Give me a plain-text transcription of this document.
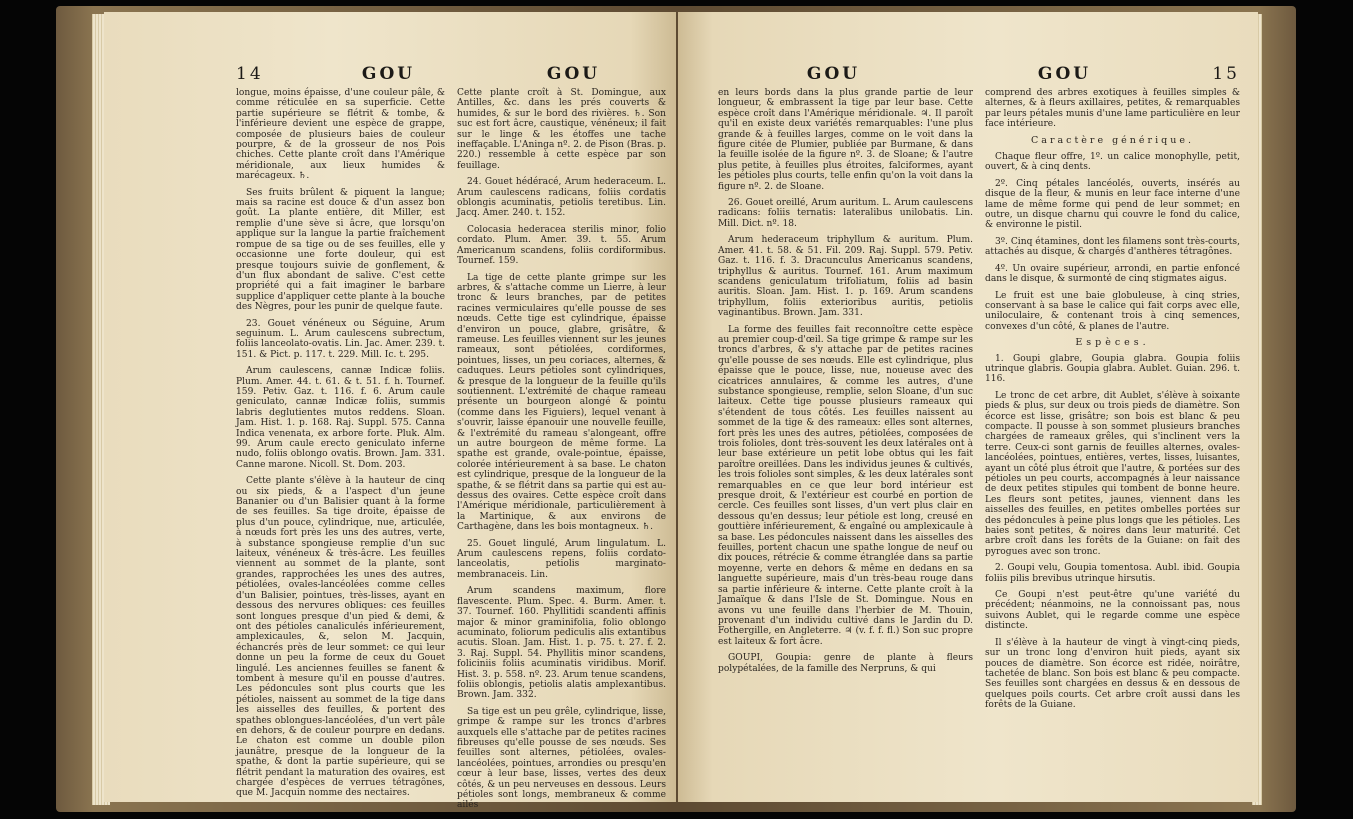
14	GOU	GOU

longue, moins épaisse, d'une couleur pâle, & comme réticulée en sa superficie. Cette partie supérieure se flétrit & tombe, & l'inférieure devient une espèce de grappe, composée de plusieurs baies de couleur pourpre, & de la grosseur de nos Pois chiches. Cette plante croît dans l'Amérique méridionale, aux lieux humides & marécageux. ♄.

Ses fruits brûlent & piquent la langue; mais sa racine est douce & d'un assez bon goût. La plante entière, dit Miller, est remplie d'une sève si âcre, que lorsqu'on applique sur la langue la partie fraîchement rompue de sa tige ou de ses feuilles, elle y occasionne une forte douleur, qui est presque toujours suivie de gonflement, & d'un flux abondant de salive. C'est cette propriété qui a fait imaginer le barbare supplice d'appliquer cette plante à la bouche des Nègres, pour les punir de quelque faute.

23. Gouet vénéneux ou Séguine, Arum seguinum. L. Arum caulescens subrectum, foliis lanceolato-ovatis. Lin. Jac. Amer. 239. t. 151. & Pict. p. 117. t. 229. Mill. Ic. t. 295.

Arum caulescens, cannæ Indicæ foliis. Plum. Amer. 44. t. 61. & t. 51. f. h. Tournef. 159. Petiv. Gaz. t. 116. f. 6. Arum caule geniculato, cannæ Indicæ foliis, summis labris deglutientes mutos reddens. Sloan. Jam. Hist. 1. p. 168. Raj. Suppl. 575. Canna Indica venenata, ex arbore forte. Pluk. Alm. 99. Arum caule erecto geniculato inferne nudo, foliis oblongo ovatis. Brown. Jam. 331. Canne marone. Nicoll. St. Dom. 203.

Cette plante s'élève à la hauteur de cinq ou six pieds, & a l'aspect d'un jeune Bananier ou d'un Balisier quant à la forme de ses feuilles. Sa tige droite, épaisse de plus d'un pouce, cylindrique, nue, articulée, à nœuds fort près les uns des autres, verte, à substance spongieuse remplie d'un suc laiteux, vénéneux & très-âcre. Les feuilles viennent au sommet de la plante, sont grandes, rapprochées les unes des autres, pétiolées, ovales-lancéolées comme celles d'un Balisier, pointues, très-lisses, ayant en dessous des nervures obliques: ces feuilles sont longues presque d'un pied & demi, & ont des pétioles canaliculés inférieurement, amplexicaules, &, selon M. Jacquin, échancrés près de leur sommet: ce qui leur donne un peu la forme de ceux du Gouet lingulé. Les anciennes feuilles se fanent & tombent à mesure qu'il en pousse d'autres. Les pédoncules sont plus courts que les pétioles, naissent au sommet de la tige dans les aisselles des feuilles, & portent des spathes oblongues-lancéolées, d'un vert pâle en dehors, & de couleur pourpre en dedans. Le chaton est comme un double pilon jaunâtre, presque de la longueur de la spathe, & dont la partie supérieure, qui se flétrit pendant la maturation des ovaires, est chargée d'espèces de verrues tétragônes, que M. Jacquin nomme des nectaires.

Cette plante croît à St. Domingue, aux Antilles, &c. dans les prés couverts & humides, & sur le bord des rivières. ♄. Son suc est fort âcre, caustique, vénéneux; il fait sur le linge & les étoffes une tache ineffaçable. L'Aninga nº. 2. de Pison (Bras. p. 220.) ressemble à cette espèce par son feuillage.

24. Gouet hédéracé, Arum hederaceum. L. Arum caulescens radicans, foliis cordatis oblongis acuminatis, petiolis teretibus. Lin. Jacq. Amer. 240. t. 152.

Colocasia hederacea sterilis minor, folio cordato. Plum. Amer. 39. t. 55. Arum Americanum scandens, foliis cordiformibus. Tournef. 159.

La tige de cette plante grimpe sur les arbres, & s'attache comme un Lierre, à leur tronc & leurs branches, par de petites racines vermiculaires qu'elle pousse de ses nœuds. Cette tige est cylindrique, épaisse d'environ un pouce, glabre, grisâtre, & rameuse. Les feuilles viennent sur les jeunes rameaux, sont pétiolées, cordiformes, pointues, lisses, un peu coriaces, alternes, & caduques. Leurs pétioles sont cylindriques, & presque de la longueur de la feuille qu'ils soutiennent. L'extrémité de chaque rameau présente un bourgeon alongé & pointu (comme dans les Figuiers), lequel venant à s'ouvrir, laisse épanouir une nouvelle feuille, & l'extrémité du rameau s'alongeant, offre un autre bourgeon de même forme. La spathe est grande, ovale-pointue, épaisse, colorée intérieurement à sa base. Le chaton est cylindrique, presque de la longueur de la spathe, & se flétrit dans sa partie qui est au-dessus des ovaires. Cette espèce croît dans l'Amérique méridionale, particulièrement à la Martinique, & aux environs de Carthagène, dans les bois montagneux. ♄.

25. Gouet lingulé, Arum lingulatum. L. Arum caulescens repens, foliis cordato-lanceolatis, petiolis marginato-membranaceis. Lin.

Arum scandens maximum, flore flavescente. Plum. Spec. 4. Burm. Amer. t. 37. Tournef. 160. Phyllitidi scandenti affinis major & minor graminifolia, folio oblongo acuminato, foliorum pediculis alis extantibus acutis. Sloan. Jam. Hist. 1. p. 75. t. 27. f. 2. 3. Raj. Suppl. 54. Phyllitis minor scandens, foliciniis foliis acuminatis viridibus. Morif. Hist. 3. p. 558. nº. 23. Arum tenue scandens, foliis oblongis, petiolis alatis amplexantibus. Brown. Jam. 332.

Sa tige est un peu grêle, cylindrique, lisse, grimpe & rampe sur les troncs d'arbres auxquels elle s'attache par de petites racines fibreuses qu'elle pousse de ses nœuds. Ses feuilles sont alternes, pétiolées, ovales-lancéolées, pointues, arrondies ou presqu'en cœur à leur base, lisses, vertes des deux côtés, & un peu nerveuses en dessous. Leurs pétioles sont longs, membraneux & comme ailés

GOU	GOU	15

en leurs bords dans la plus grande partie de leur longueur, & embrassent la tige par leur base. Cette espèce croît dans l'Amérique méridionale. ♃. Il paroît qu'il en existe deux variétés remarquables: l'une plus grande & à feuilles larges, comme on le voit dans la figure citée de Plumier, publiée par Burmane, & dans la feuille isolée de la figure nº. 3. de Sloane; & l'autre plus petite, à feuilles plus étroites, falciformes, ayant les pétioles plus courts, telle enfin qu'on la voit dans la figure nº. 2. de Sloane.

26. Gouet oreillé, Arum auritum. L. Arum caulescens radicans: foliis ternatis: lateralibus unilobatis. Lin. Mill. Dict. nº. 18.

Arum hederaceum triphyllum & auritum. Plum. Amer. 41. t. 58. & 51. Fil. 209. Raj. Suppl. 579. Petiv. Gaz. t. 116. f. 3. Dracunculus Americanus scandens, triphyllus & auritus. Tournef. 161. Arum maximum scandens geniculatum trifoliatum, foliis ad basin auritis. Sloan. Jam. Hist. 1. p. 169. Arum scandens triphyllum, foliis exterioribus auritis, petiolis vaginantibus. Brown. Jam. 331.

La forme des feuilles fait reconnoître cette espèce au premier coup-d'œil. Sa tige grimpe & rampe sur les troncs d'arbres, & s'y attache par de petites racines qu'elle pousse de ses nœuds. Elle est cylindrique, plus épaisse que le pouce, lisse, nue, noueuse avec des cicatrices annulaires, & comme les autres, d'une substance spongieuse, remplie, selon Sloane, d'un suc laiteux. Cette tige pousse plusieurs rameaux qui s'étendent de tous côtés. Les feuilles naissent au sommet de la tige & des rameaux: elles sont alternes, fort près les unes des autres, pétiolées, composées de trois folioles, dont très-souvent les deux latérales ont à leur base extérieure un petit lobe obtus qui les fait paroître oreillées. Dans les individus jeunes & cultivés, les trois folioles sont simples, & les deux latérales sont remarquables en ce que leur bord intérieur est presque droit, & l'extérieur est courbé en portion de cercle. Ces feuilles sont lisses, d'un vert plus clair en dessous qu'en dessus; leur pétiole est long, creusé en gouttière inférieurement, & engaîné ou amplexicaule à sa base. Les pédoncules naissent dans les aisselles des feuilles, portent chacun une spathe longue de neuf ou dix pouces, rétrécie & comme étranglée dans sa partie moyenne, verte en dehors & même en dedans en sa languette supérieure, mais d'un très-beau rouge dans sa partie inférieure & interne. Cette plante croît à la Jamaïque & dans l'Isle de St. Domingue. Nous en avons vu une feuille dans l'herbier de M. Thouin, provenant d'un individu cultivé dans le Jardin du D. Fothergille, en Angleterre. ♃ (v. f. f. fl.) Son suc propre est laiteux & fort âcre.

GOUPI, Goupia: genre de plante à fleurs polypétalées, de la famille des Nerpruns, & qui

comprend des arbres exotiques à feuilles simples & alternes, & à fleurs axillaires, petites, & remarquables par leurs pétales munis d'une lame particulière en leur face intérieure.

Caractère générique.

Chaque fleur offre, 1º. un calice monophylle, petit, ouvert, & à cinq dents.

2º. Cinq pétales lancéolés, ouverts, insérés au disque de la fleur, & munis en leur face interne d'une lame de même forme qui pend de leur sommet; en outre, un disque charnu qui couvre le fond du calice, & environne le pistil.

3º. Cinq étamines, dont les filamens sont très-courts, attachés au disque, & chargés d'anthères tétragônes.

4º. Un ovaire supérieur, arrondi, en partie enfoncé dans le disque, & surmonté de cinq stigmates aigus.

Le fruit est une baie globuleuse, à cinq stries, conservant à sa base le calice qui fait corps avec elle, uniloculaire, & contenant trois à cinq semences, convexes d'un côté, & planes de l'autre.

Espèces.

1. Goupi glabre, Goupia glabra. Goupia foliis utrinque glabris. Goupia glabra. Aublet. Guian. 296. t. 116.

Le tronc de cet arbre, dit Aublet, s'élève à soixante pieds & plus, sur deux ou trois pieds de diamètre. Son écorce est lisse, grisâtre; son bois est blanc & peu compacte. Il pousse à son sommet plusieurs branches chargées de rameaux grêles, qui s'inclinent vers la terre. Ceux-ci sont garnis de feuilles alternes, ovales-lancéolées, pointues, entières, vertes, lisses, luisantes, ayant un côté plus étroit que l'autre, & portées sur des pétioles un peu courts, accompagnés à leur naissance de deux petites stipules qui tombent de bonne heure. Les fleurs sont petites, jaunes, viennent dans les aisselles des feuilles, en petites ombelles portées sur des pédoncules à peine plus longs que les pétioles. Les baies sont petites, & noires dans leur maturité. Cet arbre croît dans les forêts de la Guiane: on fait des pyrogues avec son tronc.

2. Goupi velu, Goupia tomentosa. Aubl. ibid. Goupia foliis pilis brevibus utrinque hirsutis.

Ce Goupi n'est peut-être qu'une variété du précédent; néanmoins, ne la connoissant pas, nous suivons Aublet, qui le regarde comme une espèce distincte.

Il s'élève à la hauteur de vingt à vingt-cinq pieds, sur un tronc long d'environ huit pieds, ayant six pouces de diamètre. Son écorce est ridée, noirâtre, tachetée de blanc. Son bois est blanc & peu compacte. Ses feuilles sont chargées en dessus & en dessous de quelques poils courts. Cet arbre croît aussi dans les forêts de la Guiane.
